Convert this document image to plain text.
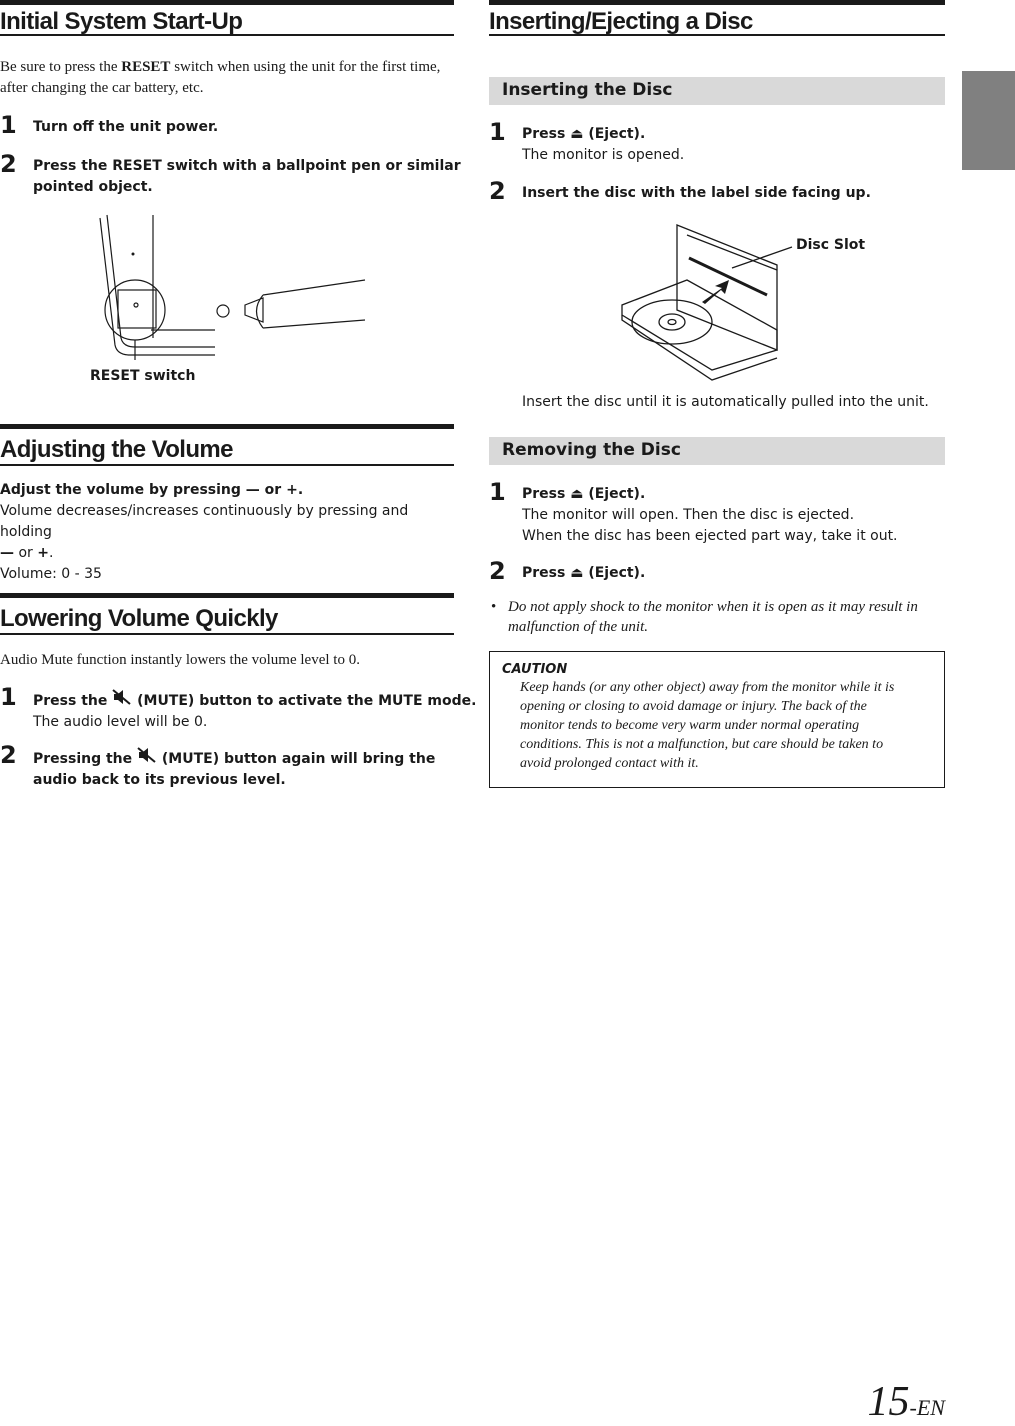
Initial System Start-Up
Be sure to press the RESET switch when using the unit for the first time,
after changing the car battery, etc.
1 Turn off the unit power.
2 Press the RESET switch with a ballpoint pen or similar
pointed object.
RESET switch
Adjusting the Volume
Adjust the volume by pressing — or +.
Volume decreases/increases continuously by pressing and holding
— or +.
Volume: 0 - 35
Lowering Volume Quickly
Audio Mute function instantly lowers the volume level to 0.
1 Press the (MUTE) button to activate the MUTE mode.
The audio level will be 0.
2 Pressing the (MUTE) button again will bring the
audio back to its previous level.
Inserting/Ejecting a Disc
Inserting the Disc
1 Press ⏏ (Eject).
The monitor is opened.
2 Insert the disc with the label side facing up.
Disc Slot
Insert the disc until it is automatically pulled into the unit.
Removing the Disc
1 Press ⏏ (Eject).
The monitor will open. Then the disc is ejected.
When the disc has been ejected part way, take it out.
2 Press ⏏ (Eject).
• Do not apply shock to the monitor when it is open as it may result in
malfunction of the unit.
CAUTION
Keep hands (or any other object) away from the monitor while it is
opening or closing to avoid damage or injury. The back of the
monitor tends to become very warm under normal operating
conditions. This is not a malfunction, but care should be taken to
avoid prolonged contact with it.
15-EN
